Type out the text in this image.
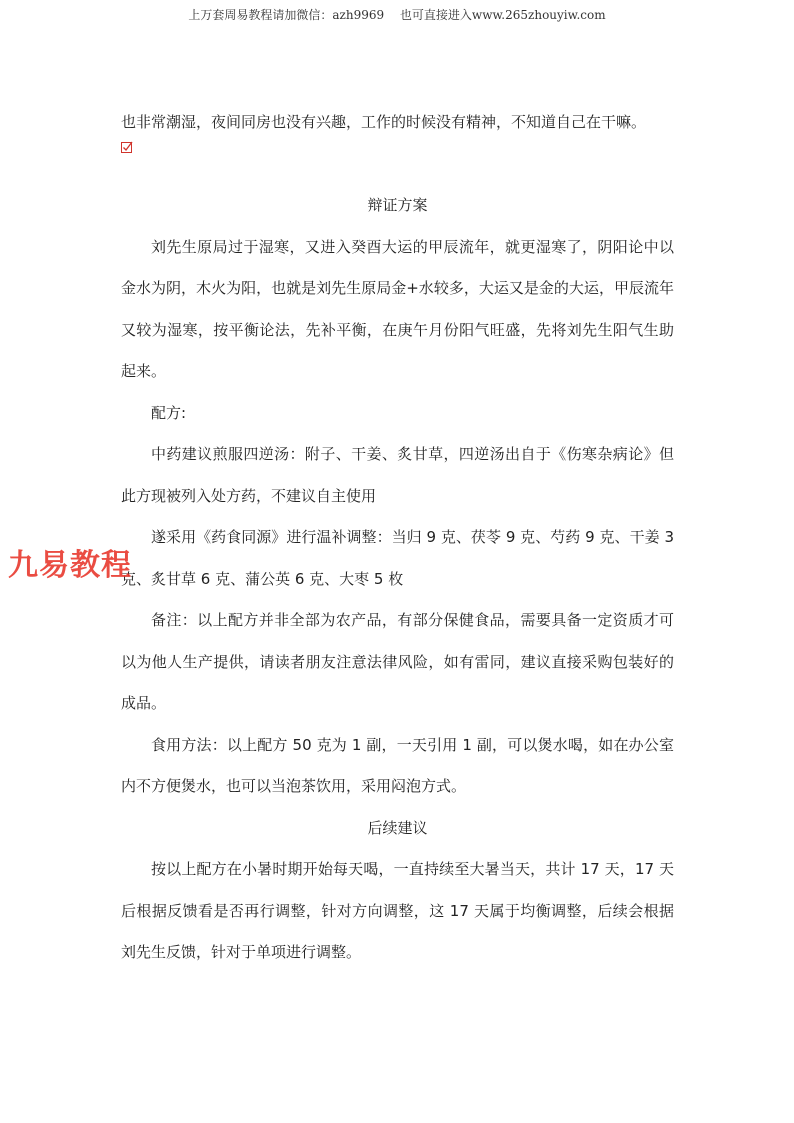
上万套周易教程请加微信：azh9969　 也可直接进入www.265zhouyiw.com

也非常潮湿，夜间同房也没有兴趣，工作的时候没有精神，不知道自己在干嘛。

辩证方案

刘先生原局过于湿寒，又进入癸酉大运的甲辰流年，就更湿寒了，阴阳论中以金水为阴，木火为阳，也就是刘先生原局金+水较多，大运又是金的大运，甲辰流年又较为湿寒，按平衡论法，先补平衡，在庚午月份阳气旺盛，先将刘先生阳气生助起来。

配方:

中药建议煎服四逆汤：附子、干姜、炙甘草，四逆汤出自于《伤寒杂病论》但此方现被列入处方药，不建议自主使用

遂采用《药食同源》进行温补调整：当归 9 克、茯苓 9 克、芍药 9 克、干姜 3 克、炙甘草 6 克、蒲公英 6 克、大枣 5 枚

备注：以上配方并非全部为农产品，有部分保健食品，需要具备一定资质才可以为他人生产提供，请读者朋友注意法律风险，如有雷同，建议直接采购包装好的成品。

食用方法：以上配方 50 克为 1 副，一天引用 1 副，可以煲水喝，如在办公室内不方便煲水，也可以当泡茶饮用，采用闷泡方式。

后续建议

按以上配方在小暑时期开始每天喝，一直持续至大暑当天，共计 17 天，17 天后根据反馈看是否再行调整，针对方向调整，这 17 天属于均衡调整，后续会根据刘先生反馈，针对于单项进行调整。

九易教程
